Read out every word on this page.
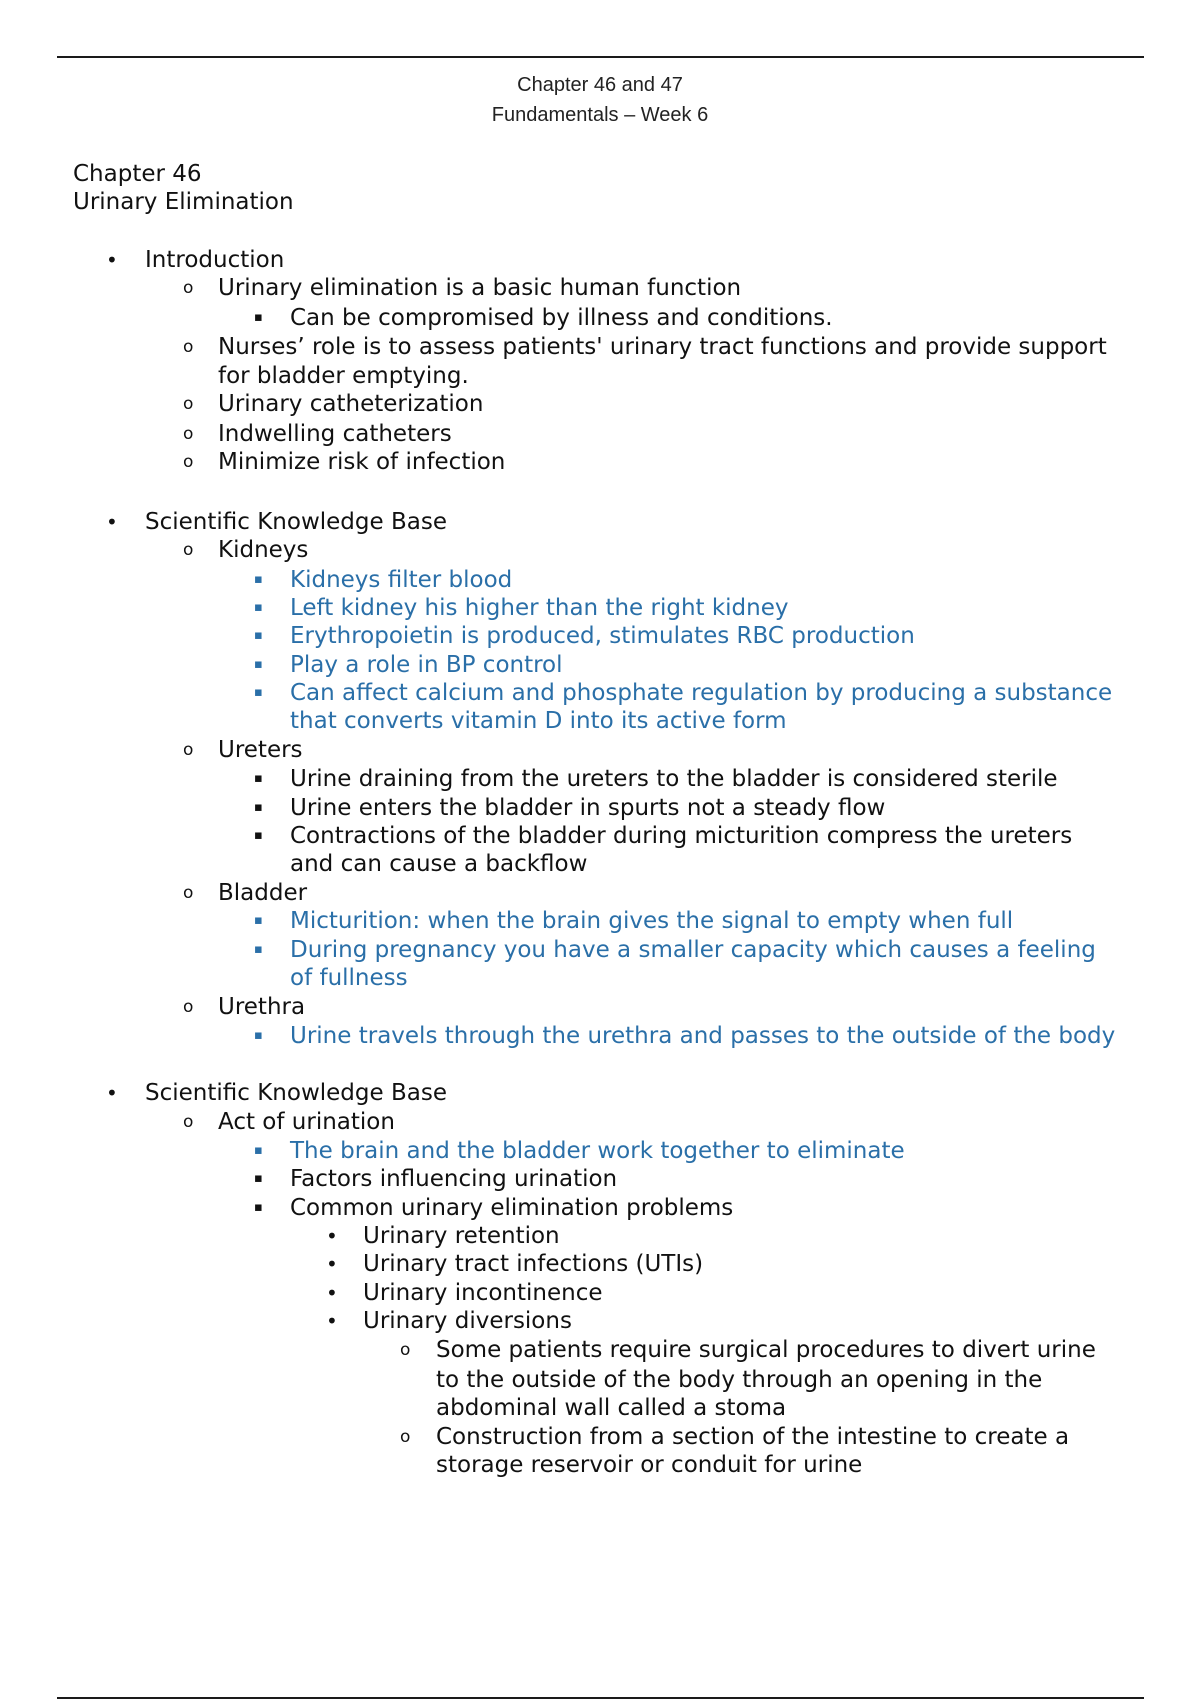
Chapter 46 and 47
Fundamentals – Week 6
Chapter 46
Urinary Elimination
• Introduction
o Urinary elimination is a basic human function
▪ Can be compromised by illness and conditions.
o Nurses’ role is to assess patients' urinary tract functions and provide support
for bladder emptying.
o Urinary catheterization
o Indwelling catheters
o Minimize risk of infection
• Scientific Knowledge Base
o Kidneys
▪ Kidneys filter blood
▪ Left kidney his higher than the right kidney
▪ Erythropoietin is produced, stimulates RBC production
▪ Play a role in BP control
▪ Can affect calcium and phosphate regulation by producing a substance
that converts vitamin D into its active form
o Ureters
▪ Urine draining from the ureters to the bladder is considered sterile
▪ Urine enters the bladder in spurts not a steady flow
▪ Contractions of the bladder during micturition compress the ureters
and can cause a backflow
o Bladder
▪ Micturition: when the brain gives the signal to empty when full
▪ During pregnancy you have a smaller capacity which causes a feeling
of fullness
o Urethra
▪ Urine travels through the urethra and passes to the outside of the body
• Scientific Knowledge Base
o Act of urination
▪ The brain and the bladder work together to eliminate
▪ Factors influencing urination
▪ Common urinary elimination problems
• Urinary retention
• Urinary tract infections (UTIs)
• Urinary incontinence
• Urinary diversions
o Some patients require surgical procedures to divert urine
to the outside of the body through an opening in the
abdominal wall called a stoma
o Construction from a section of the intestine to create a
storage reservoir or conduit for urine
